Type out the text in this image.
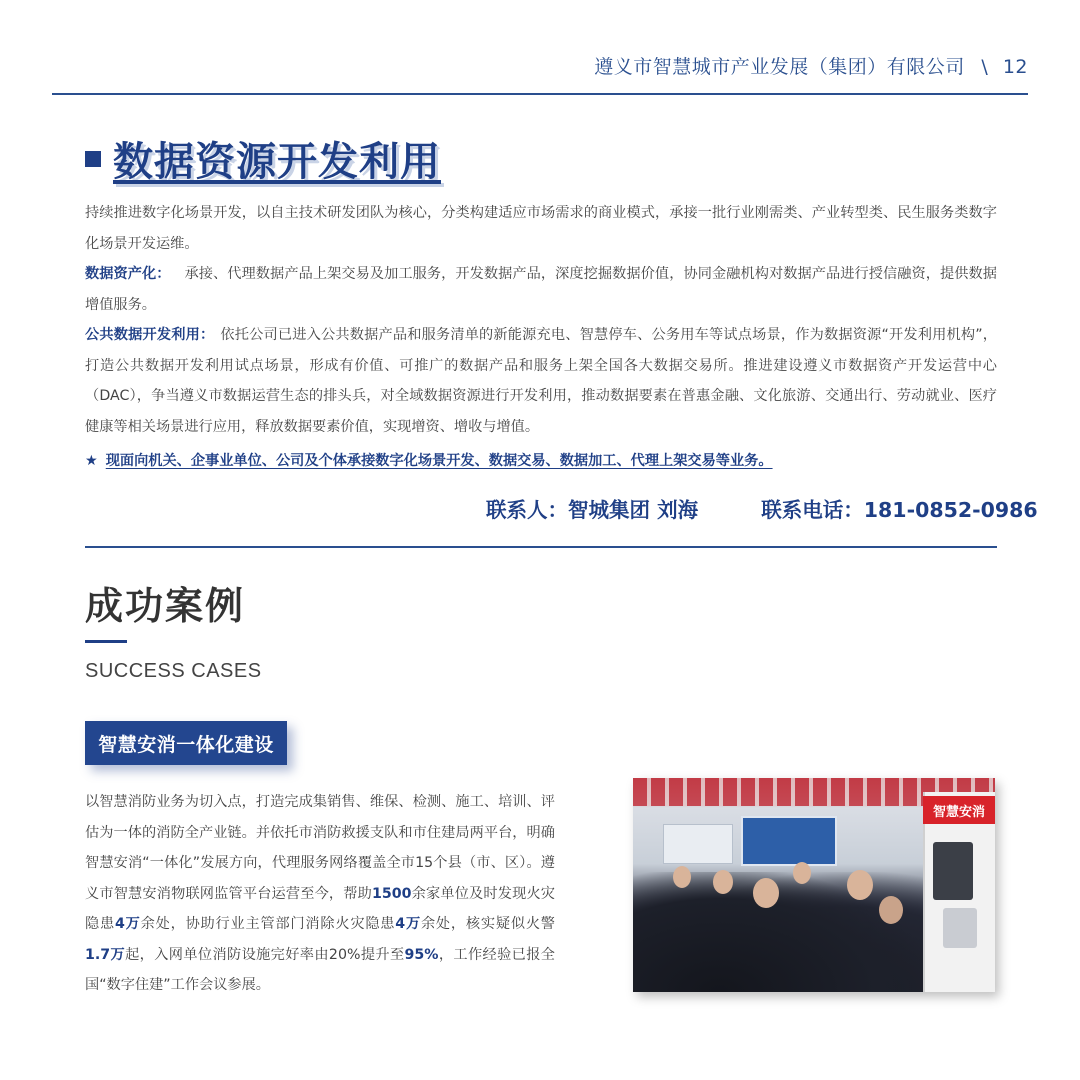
遵义市智慧城市产业发展（集团）有限公司 \ 12
数据资源开发利用

持续推进数字化场景开发，以自主技术研发团队为核心，分类构建适应市场需求的商业模式，承接一批行业刚需类、产业转型类、民生服务类数字化场景开发运维。

数据资产化： 承接、代理数据产品上架交易及加工服务，开发数据产品，深度挖掘数据价值，协同金融机构对数据产品进行授信融资，提供数据增值服务。

公共数据开发利用： 依托公司已进入公共数据产品和服务清单的新能源充电、智慧停车、公务用车等试点场景，作为数据资源“开发利用机构”，打造公共数据开发利用试点场景，形成有价值、可推广的数据产品和服务上架全国各大数据交易所。推进建设遵义市数据资产开发运营中心（DAC），争当遵义市数据运营生态的排头兵，对全域数据资源进行开发利用，推动数据要素在普惠金融、文化旅游、交通出行、劳动就业、医疗健康等相关场景进行应用，释放数据要素价值，实现增资、增收与增值。

★ 现面向机关、企事业单位、公司及个体承接数字化场景开发、数据交易、数据加工、代理上架交易等业务。
联系人：智城集团 刘海	联系电话：181-0852-0986
成功案例
SUCCESS CASES
智慧安消一体化建设

以智慧消防业务为切入点，打造完成集销售、维保、检测、施工、培训、评估为一体的消防全产业链。并依托市消防救援支队和市住建局两平台，明确智慧安消“一体化”发展方向，代理服务网络覆盖全市15个县（市、区）。遵义市智慧安消物联网监管平台运营至今，帮助1500余家单位及时发现火灾隐患4万余处，协助行业主管部门消除火灾隐患4万余处，核实疑似火警1.7万起，入网单位消防设施完好率由20%提升至95%，工作经验已报全国“数字住建”工作会议参展。

智慧安消
